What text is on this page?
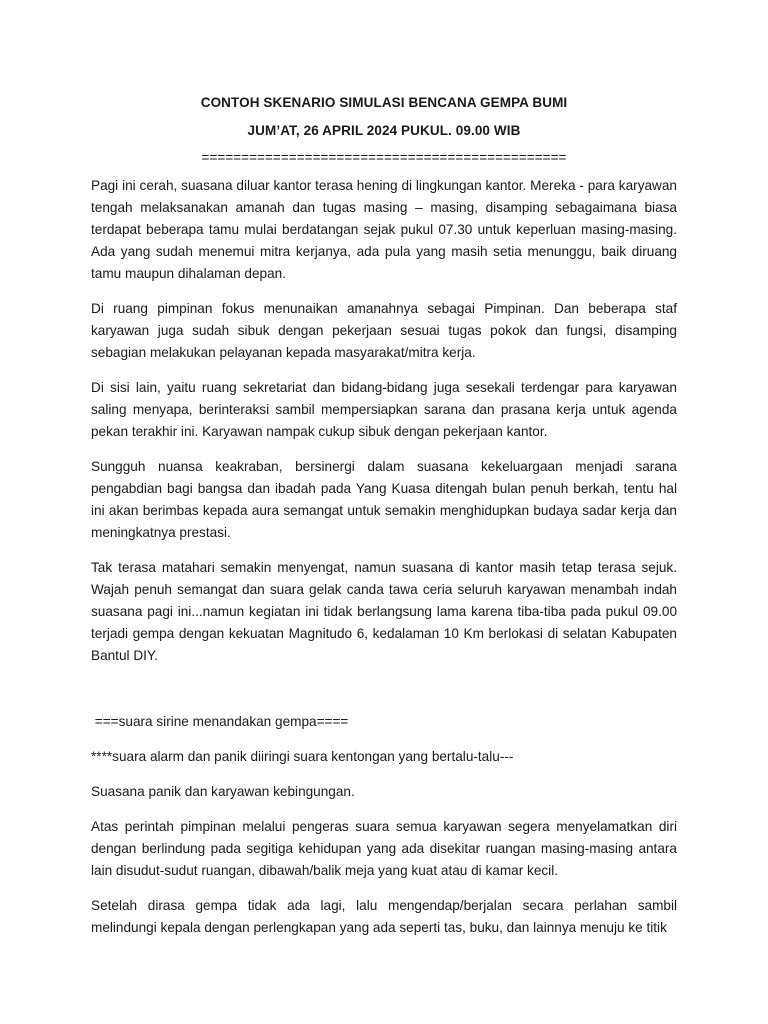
CONTOH SKENARIO SIMULASI BENCANA GEMPA BUMI
JUM’AT, 26 APRIL 2024 PUKUL. 09.00 WIB
==============================================

Pagi ini cerah, suasana diluar kantor terasa hening di lingkungan kantor. Mereka - para karyawan tengah melaksanakan amanah dan tugas masing – masing, disamping sebagaimana biasa terdapat beberapa tamu mulai berdatangan sejak pukul 07.30 untuk keperluan masing-masing. Ada yang sudah menemui mitra kerjanya, ada pula yang masih setia menunggu, baik diruang tamu maupun dihalaman depan.

Di ruang pimpinan fokus menunaikan amanahnya sebagai Pimpinan. Dan beberapa staf karyawan juga sudah sibuk dengan pekerjaan sesuai tugas pokok dan fungsi, disamping sebagian melakukan pelayanan kepada masyarakat/mitra kerja.

Di sisi lain, yaitu ruang sekretariat dan bidang-bidang juga sesekali terdengar para karyawan saling menyapa, berinteraksi sambil mempersiapkan sarana dan prasana kerja untuk agenda pekan terakhir ini. Karyawan nampak cukup sibuk dengan pekerjaan kantor.

Sungguh nuansa keakraban, bersinergi dalam suasana kekeluargaan menjadi sarana pengabdian bagi bangsa dan ibadah pada Yang Kuasa ditengah bulan penuh berkah, tentu hal ini akan berimbas kepada aura semangat untuk semakin menghidupkan budaya sadar kerja dan meningkatnya prestasi.

Tak terasa matahari semakin menyengat, namun suasana di kantor masih tetap terasa sejuk. Wajah penuh semangat dan suara gelak canda tawa ceria seluruh karyawan menambah indah suasana pagi ini...namun kegiatan ini tidak berlangsung lama karena tiba-tiba pada pukul 09.00 terjadi gempa dengan kekuatan Magnitudo 6, kedalaman 10 Km berlokasi di selatan Kabupaten Bantul DIY.

===suara sirine menandakan gempa====

****suara alarm dan panik diiringi suara kentongan yang bertalu-talu---

Suasana panik dan karyawan kebingungan.

Atas perintah pimpinan melalui pengeras suara semua karyawan segera menyelamatkan diri dengan berlindung pada segitiga kehidupan yang ada disekitar ruangan masing-masing antara lain disudut-sudut ruangan, dibawah/balik meja yang kuat atau di kamar kecil.

Setelah dirasa gempa tidak ada lagi, lalu mengendap/berjalan secara perlahan sambil melindungi kepala dengan perlengkapan yang ada seperti tas, buku, dan lainnya menuju ke titik
